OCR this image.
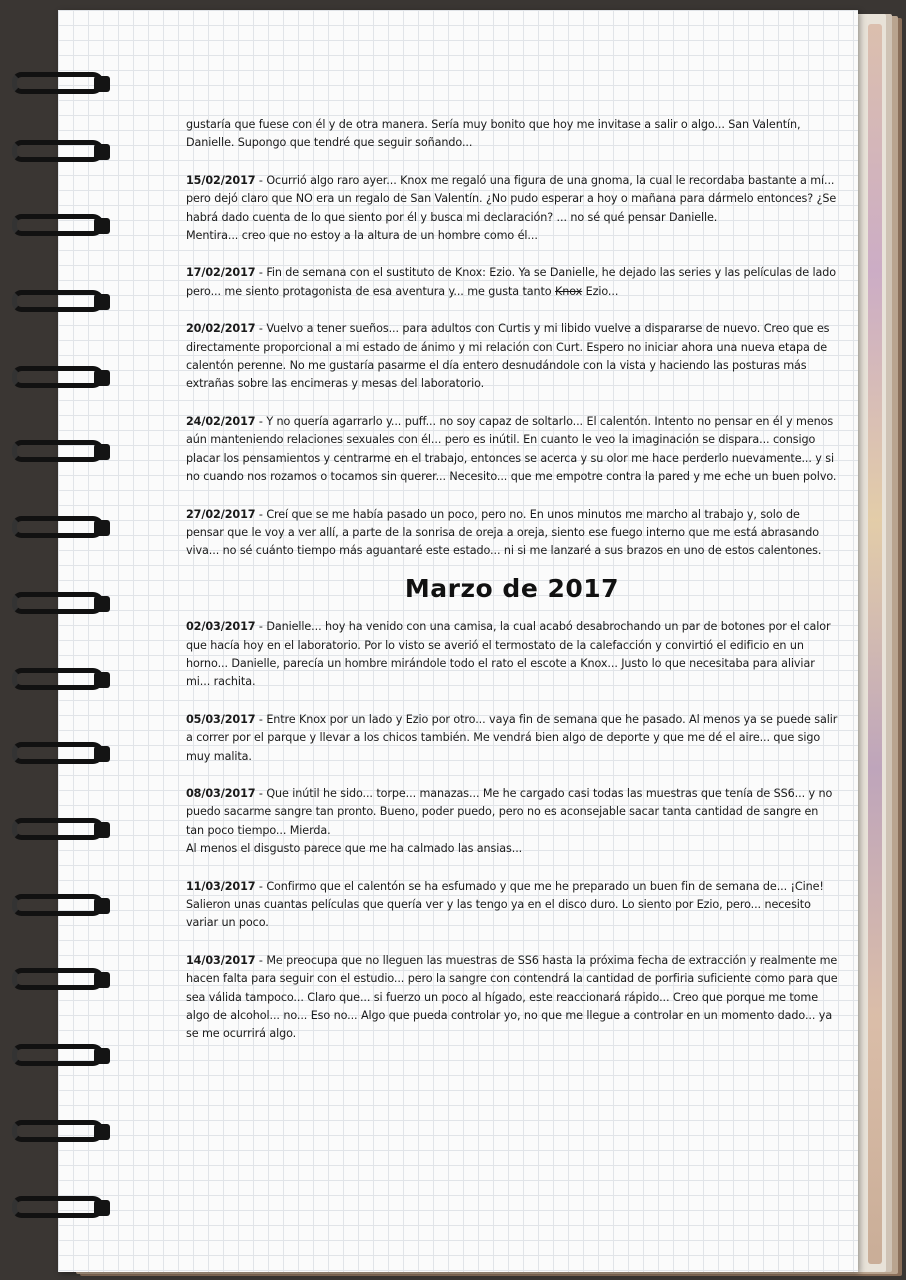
gustaría que fuese con él y de otra manera. Sería muy bonito que hoy me invitase a salir o algo... San Valentín, Danielle. Supongo que tendré que seguir soñando...

15/02/2017 - Ocurrió algo raro ayer... Knox me regaló una figura de una gnoma, la cual le recordaba bastante a mí... pero dejó claro que NO era un regalo de San Valentín. ¿No pudo esperar a hoy o mañana para dármelo entonces? ¿Se habrá dado cuenta de lo que siento por él y busca mi declaración? ... no sé qué pensar Danielle.

Mentira... creo que no estoy a la altura de un hombre como él...

17/02/2017 - Fin de semana con el sustituto de Knox: Ezio. Ya se Danielle, he dejado las series y las películas de lado pero... me siento protagonista de esa aventura y... me gusta tanto Knox Ezio...

20/02/2017 - Vuelvo a tener sueños... para adultos con Curtis y mi libido vuelve a dispararse de nuevo. Creo que es directamente proporcional a mi estado de ánimo y mi relación con Curt. Espero no iniciar ahora una nueva etapa de calentón perenne. No me gustaría pasarme el día entero desnudándole con la vista y haciendo las posturas más extrañas sobre las encimeras y mesas del laboratorio.

24/02/2017 - Y no quería agarrarlo y... puff... no soy capaz de soltarlo... El calentón. Intento no pensar en él y menos aún manteniendo relaciones sexuales con él... pero es inútil. En cuanto le veo la imaginación se dispara... consigo placar los pensamientos y centrarme en el trabajo, entonces se acerca y su olor me hace perderlo nuevamente... y si no cuando nos rozamos o tocamos sin querer... Necesito... que me empotre contra la pared y me eche un buen polvo.

27/02/2017 - Creí que se me había pasado un poco, pero no. En unos minutos me marcho al trabajo y, solo de pensar que le voy a ver allí, a parte de la sonrisa de oreja a oreja, siento ese fuego interno que me está abrasando viva... no sé cuánto tiempo más aguantaré este estado... ni si me lanzaré a sus brazos en uno de estos calentones.

Marzo de 2017

02/03/2017 - Danielle... hoy ha venido con una camisa, la cual acabó desabrochando un par de botones por el calor que hacía hoy en el laboratorio. Por lo visto se averió el termostato de la calefacción y convirtió el edificio en un horno... Danielle, parecía un hombre mirándole todo el rato el escote a Knox... Justo lo que necesitaba para aliviar mi... rachita.

05/03/2017 - Entre Knox por un lado y Ezio por otro... vaya fin de semana que he pasado. Al menos ya se puede salir a correr por el parque y llevar a los chicos también. Me vendrá bien algo de deporte y que me dé el aire... que sigo muy malita.

08/03/2017 - Que inútil he sido... torpe... manazas... Me he cargado casi todas las muestras que tenía de SS6... y no puedo sacarme sangre tan pronto. Bueno, poder puedo, pero no es aconsejable sacar tanta cantidad de sangre en tan poco tiempo... Mierda.

Al menos el disgusto parece que me ha calmado las ansias...

11/03/2017 - Confirmo que el calentón se ha esfumado y que me he preparado un buen fin de semana de... ¡Cine! Salieron unas cuantas películas que quería ver y las tengo ya en el disco duro. Lo siento por Ezio, pero... necesito variar un poco.

14/03/2017 - Me preocupa que no lleguen las muestras de SS6 hasta la próxima fecha de extracción y realmente me hacen falta para seguir con el estudio... pero la sangre con contendrá la cantidad de porfiria suficiente como para que sea válida tampoco... Claro que... si fuerzo un poco al hígado, este reaccionará rápido... Creo que porque me tome algo de alcohol... no... Eso no... Algo que pueda controlar yo, no que me llegue a controlar en un momento dado... ya se me ocurrirá algo.
